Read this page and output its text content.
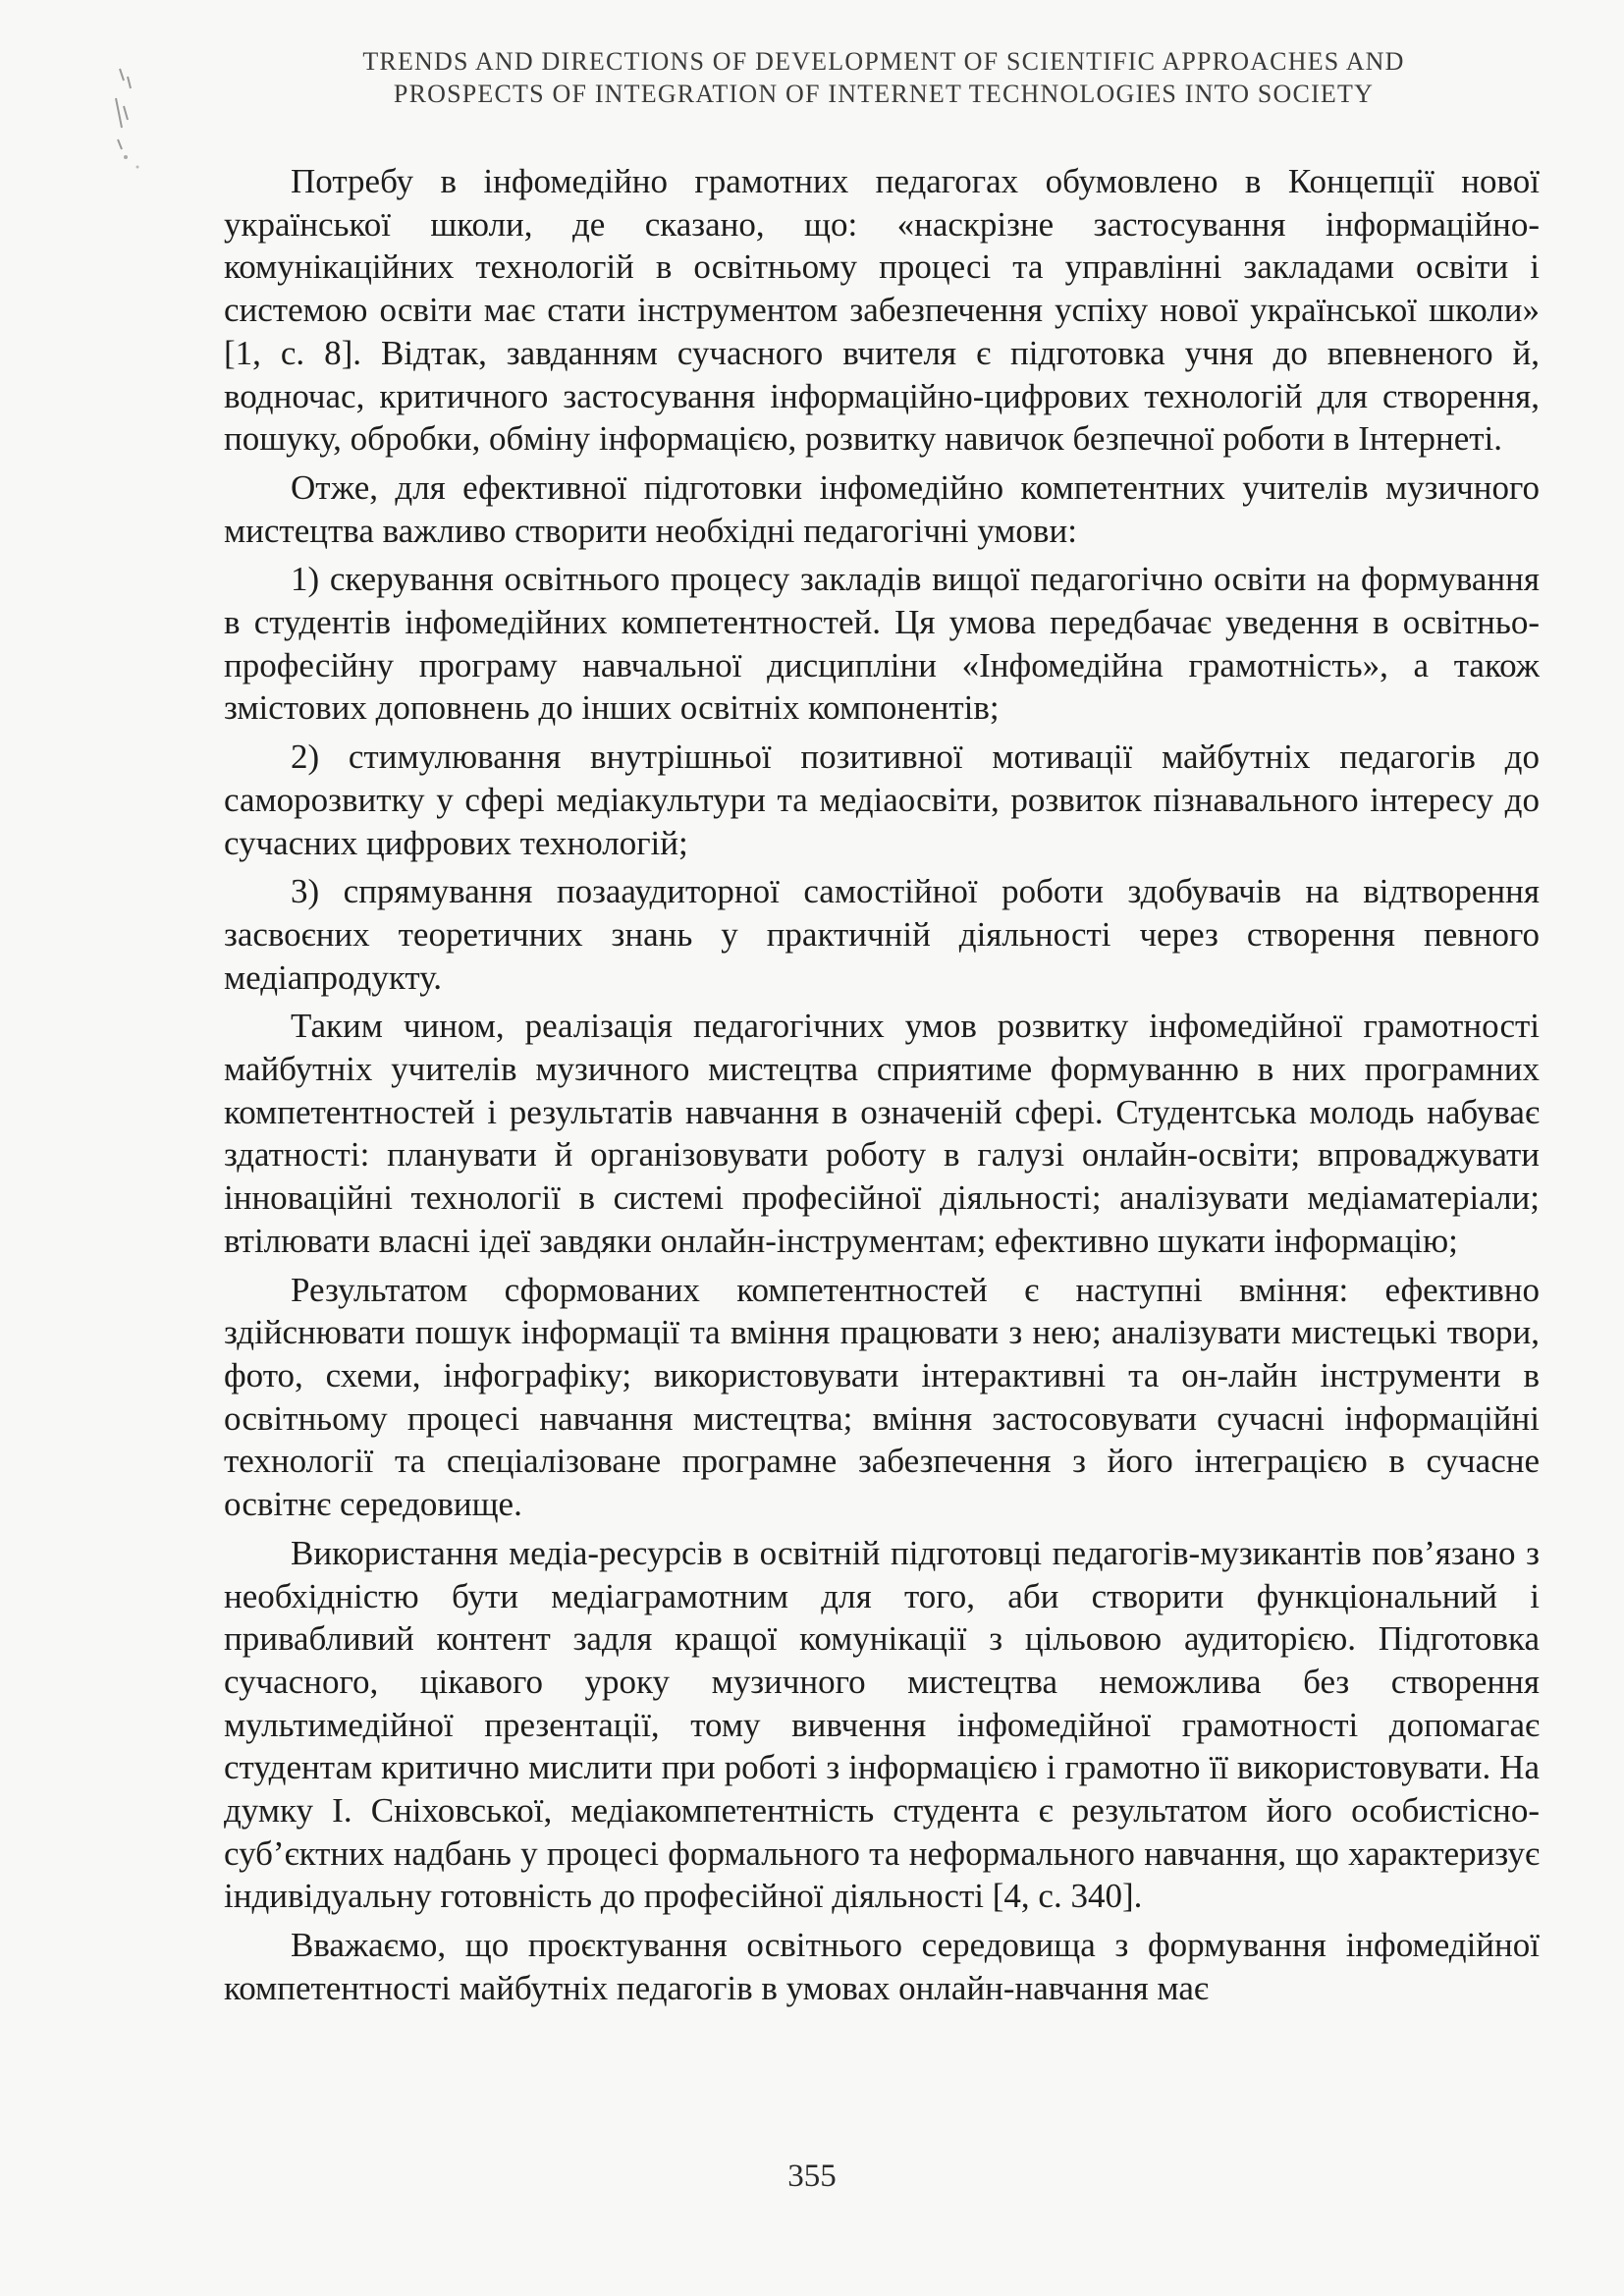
TRENDS AND DIRECTIONS OF DEVELOPMENT OF SCIENTIFIC APPROACHES AND
PROSPECTS OF INTEGRATION OF INTERNET TECHNOLOGIES INTO SOCIETY

Потребу в інфомедійно грамотних педагогах обумовлено в Концепції нової української школи, де сказано, що: «наскрізне застосування інформаційно-комунікаційних технологій в освітньому процесі та управлінні закладами освіти і системою освіти має стати інструментом забезпечення успіху нової української школи» [1, с. 8]. Відтак, завданням сучасного вчителя є підготовка учня до впевненого й, водночас, критичного застосування інформаційно-цифрових технологій для створення, пошуку, обробки, обміну інформацією, розвитку навичок безпечної роботи в Інтернеті.

Отже, для ефективної підготовки інфомедійно компетентних учителів музичного мистецтва важливо створити необхідні педагогічні умови:

1) скерування освітнього процесу закладів вищої педагогічно освіти на формування в студентів інфомедійних компетентностей. Ця умова передбачає уведення в освітньо-професійну програму навчальної дисципліни «Інфомедійна грамотність», а також змістових доповнень до інших освітніх компонентів;

2) стимулювання внутрішньої позитивної мотивації майбутніх педагогів до саморозвитку у сфері медіакультури та медіаосвіти, розвиток пізнавального інтересу до сучасних цифрових технологій;

3) спрямування позааудиторної самостійної роботи здобувачів на відтворення засвоєних теоретичних знань у практичній діяльності через створення певного медіапродукту.

Таким чином, реалізація педагогічних умов розвитку інфомедійної грамотності майбутніх учителів музичного мистецтва сприятиме формуванню в них програмних компетентностей і результатів навчання в означеній сфері. Студентська молодь набуває здатності: планувати й організовувати роботу в галузі онлайн-освіти; впроваджувати інноваційні технології в системі професійної діяльності; аналізувати медіаматеріали; втілювати власні ідеї завдяки онлайн-інструментам; ефективно шукати інформацію;

Результатом сформованих компетентностей є наступні вміння: ефективно здійснювати пошук інформації та вміння працювати з нею; аналізувати мистецькі твори, фото, схеми, інфографіку; використовувати інтерактивні та он-лайн інструменти в освітньому процесі навчання мистецтва; вміння застосовувати сучасні інформаційні технології та спеціалізоване програмне забезпечення з його інтеграцією в сучасне освітнє середовище.

Використання медіа-ресурсів в освітній підготовці педагогів-музикантів пов’язано з необхідністю бути медіаграмотним для того, аби створити функціональний і привабливий контент задля кращої комунікації з цільовою аудиторією. Підготовка сучасного, цікавого уроку музичного мистецтва неможлива без створення мультимедійної презентації, тому вивчення інфомедійної грамотності допомагає студентам критично мислити при роботі з інформацією і грамотно її використовувати. На думку І. Сніховської, медіакомпетентність студента є результатом його особистісно-суб’єктних надбань у процесі формального та неформального навчання, що характеризує індивідуальну готовність до професійної діяльності [4, с. 340].

Вважаємо, що проєктування освітнього середовища з формування інфомедійної компетентності майбутніх педагогів в умовах онлайн-навчання має

355
